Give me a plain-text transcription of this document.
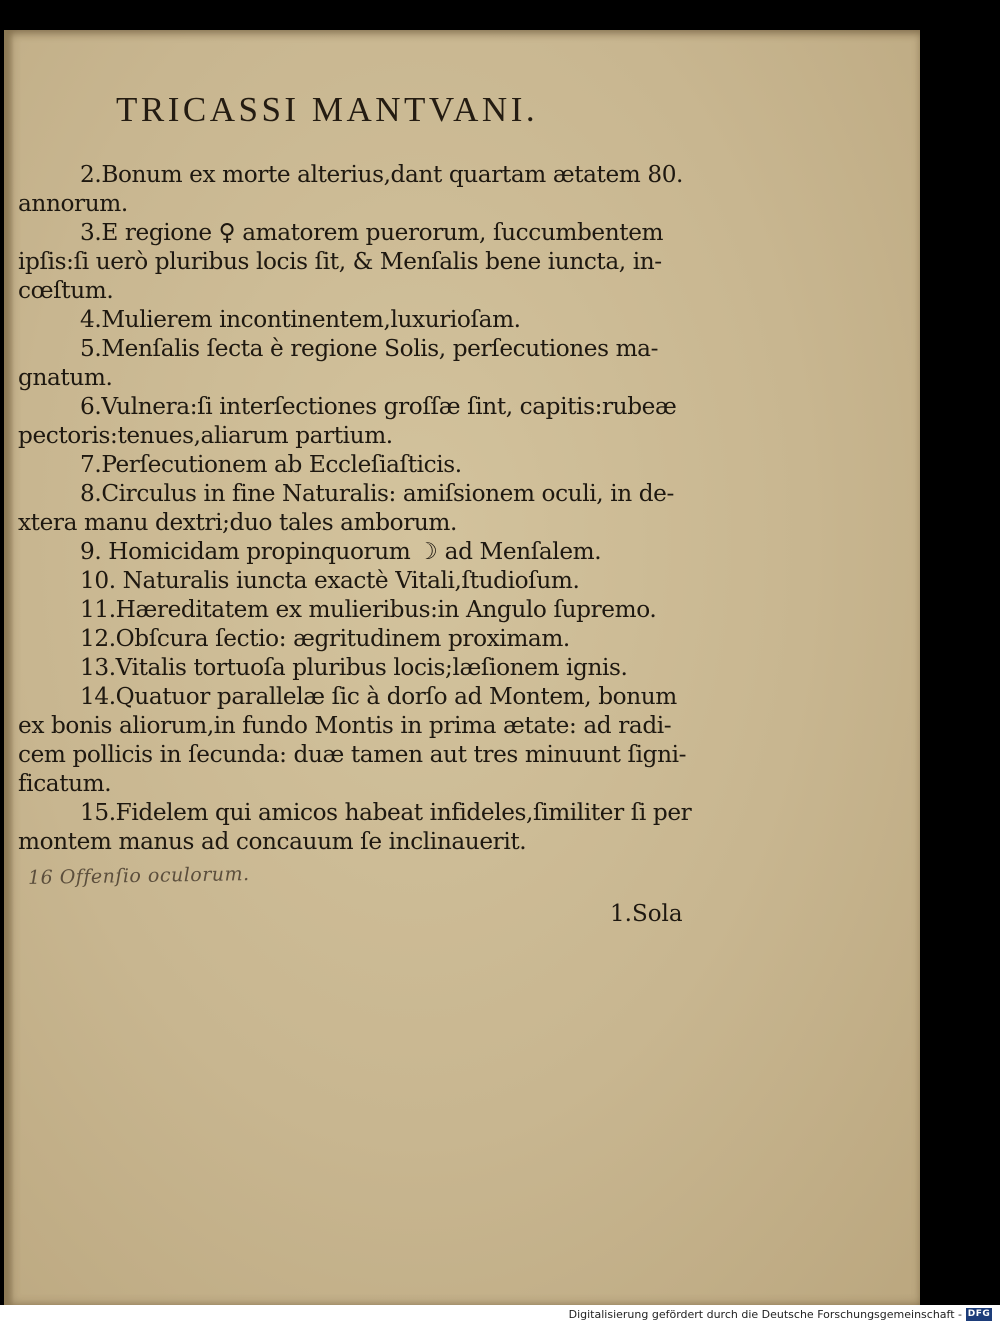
TRICASSI MANTVANI.
2.Bonum ex morte alterius,dant quartam ætatem 80.
annorum.
3.E regione ♀ amatorem puerorum, ſuccumbentem
ipſis:ſi uerò pluribus locis ſit, & Menſalis bene iuncta, in-
cœſtum.
4.Mulierem incontinentem,luxurioſam.
5.Menſalis ſecta è regione Solis, perſecutiones ma-
gnatum.
6.Vulnera:ſi interſectiones groſſæ ſint, capitis:rubeæ
pectoris:tenues,aliarum partium.
7.Perſecutionem ab Eccleſiaſticis.
8.Circulus in fine Naturalis: amiſsionem oculi, in de-
xtera manu dextri;duo tales amborum.
9. Homicidam propinquorum ☽ ad Menſalem.
10. Naturalis iuncta exactè Vitali,ſtudioſum.
11.Hæreditatem ex mulieribus:in Angulo ſupremo.
12.Obſcura ſectio: ægritudinem proximam.
13.Vitalis tortuoſa pluribus locis;læſionem ignis.
14.Quatuor parallelæ ſic à dorſo ad Montem, bonum
ex bonis aliorum,in fundo Montis in prima ætate: ad radi-
cem pollicis in ſecunda: duæ tamen aut tres minuunt ſigni-
ficatum.
15.Fidelem qui amicos habeat infideles,ſimiliter ſi per
montem manus ad concauum ſe inclinauerit.
16 Offenſio oculorum.
1.Sola
Digitalisierung gefördert durch die Deutsche Forschungsgemeinschaft - DFG
